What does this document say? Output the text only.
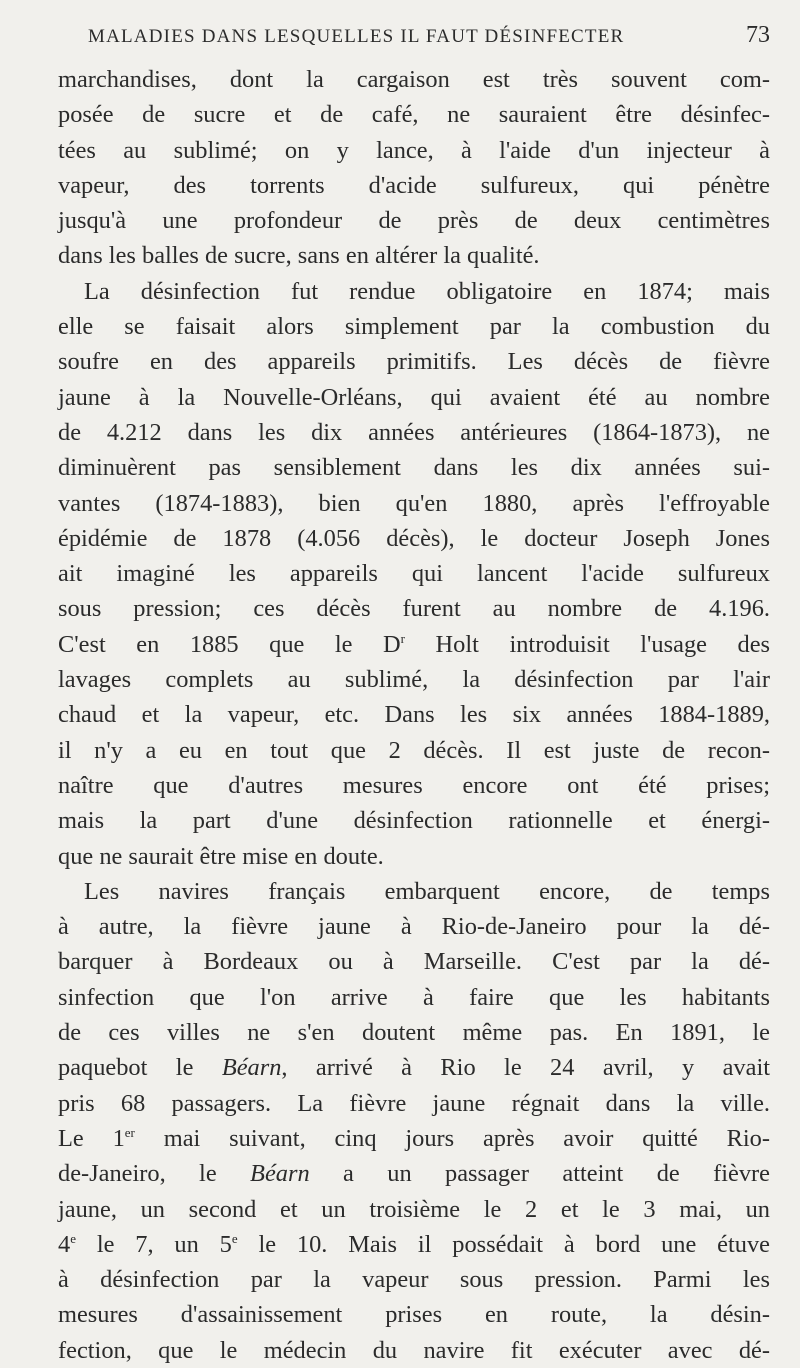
MALADIES DANS LESQUELLES IL FAUT DÉSINFECTER	73

marchandises, dont la cargaison est très souvent com-

posée de sucre et de café, ne sauraient être désinfec-

tées au sublimé; on y lance, à l'aide d'un injecteur à

vapeur, des torrents d'acide sulfureux, qui pénètre

jusqu'à une profondeur de près de deux centimètres

dans les balles de sucre, sans en altérer la qualité.

La désinfection fut rendue obligatoire en 1874; mais

elle se faisait alors simplement par la combustion du

soufre en des appareils primitifs. Les décès de fièvre

jaune à la Nouvelle-Orléans, qui avaient été au nombre

de 4.212 dans les dix années antérieures (1864-1873), ne

diminuèrent pas sensiblement dans les dix années sui-

vantes (1874-1883), bien qu'en 1880, après l'effroyable

épidémie de 1878 (4.056 décès), le docteur Joseph Jones

ait imaginé les appareils qui lancent l'acide sulfureux

sous pression; ces décès furent au nombre de 4.196.

C'est en 1885 que le $D^r$ Holt introduisit l'usage des

lavages complets au sublimé, la désinfection par l'air

chaud et la vapeur, etc. Dans les six années 1884-1889,

il n'y a eu en tout que 2 décès. Il est juste de recon-

naître que d'autres mesures encore ont été prises;

mais la part d'une désinfection rationnelle et énergi-

que ne saurait être mise en doute.

Les navires français embarquent encore, de temps

à autre, la fièvre jaune à Rio-de-Janeiro pour la dé-

barquer à Bordeaux ou à Marseille. C'est par la dé-

sinfection que l'on arrive à faire que les habitants

de ces villes ne s'en doutent même pas. En 1891, le

paquebot le Béarn, arrivé à Rio le 24 avril, y avait

pris 68 passagers. La fièvre jaune régnait dans la ville.

Le 1er mai suivant, cinq jours après avoir quitté Rio-

de-Janeiro, le Béarn a un passager atteint de fièvre

jaune, un second et un troisième le 2 et le 3 mai, un

4e le 7, un 5e le 10. Mais il possédait à bord une étuve

à désinfection par la vapeur sous pression. Parmi les

mesures d'assainissement prises en route, la désin-

fection, que le médecin du navire fit exécuter avec dé-
